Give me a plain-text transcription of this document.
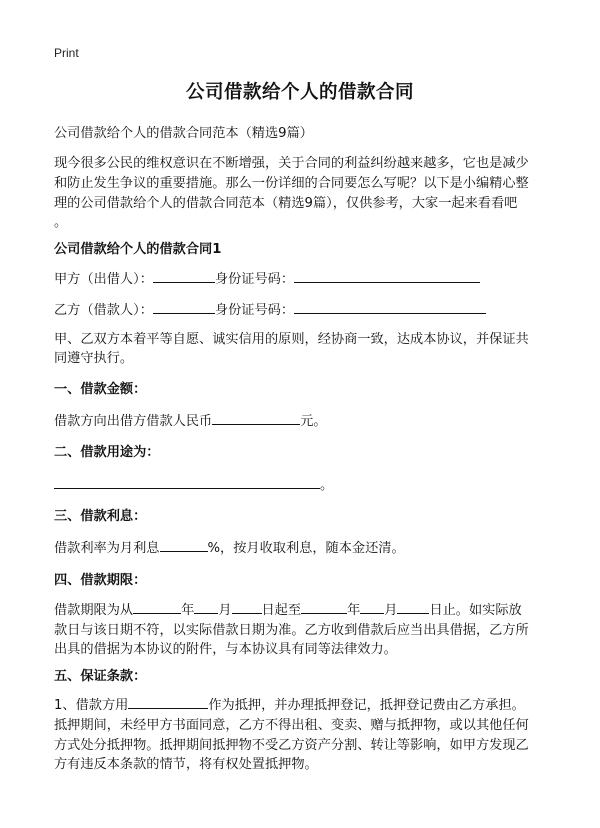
Print
公司借款给个人的借款合同
公司借款给个人的借款合同范本（精选9篇）
现今很多公民的维权意识在不断增强，关于合同的利益纠纷越来越多，它也是减少
和防止发生争议的重要措施。那么一份详细的合同要怎么写呢？以下是小编精心整
理的公司借款给个人的借款合同范本（精选9篇），仅供参考，大家一起来看看吧
。
公司借款给个人的借款合同1
甲方（出借人）：	身份证号码：
乙方（借款人）：	身份证号码：
甲、乙双方本着平等自愿、诚实信用的原则，经协商一致，达成本协议，并保证共
同遵守执行。
一、借款金额：
借款方向出借方借款人民币	元。
二、借款用途为：
。
三、借款利息：
借款利率为月利息	%，按月收取利息，随本金还清。
四、借款期限：
借款期限为从	年 月 日起至	年 月 日止。如实际放
款日与该日期不符，以实际借款日期为准。乙方收到借款后应当出具借据，乙方所
出具的借据为本协议的附件，与本协议具有同等法律效力。
五、保证条款：
1、借款方用	作为抵押，并办理抵押登记，抵押登记费由乙方承担。
抵押期间，未经甲方书面同意，乙方不得出租、变卖、赠与抵押物，或以其他任何
方式处分抵押物。抵押期间抵押物不受乙方资产分割、转让等影响，如甲方发现乙
方有违反本条款的情节，将有权处置抵押物。
